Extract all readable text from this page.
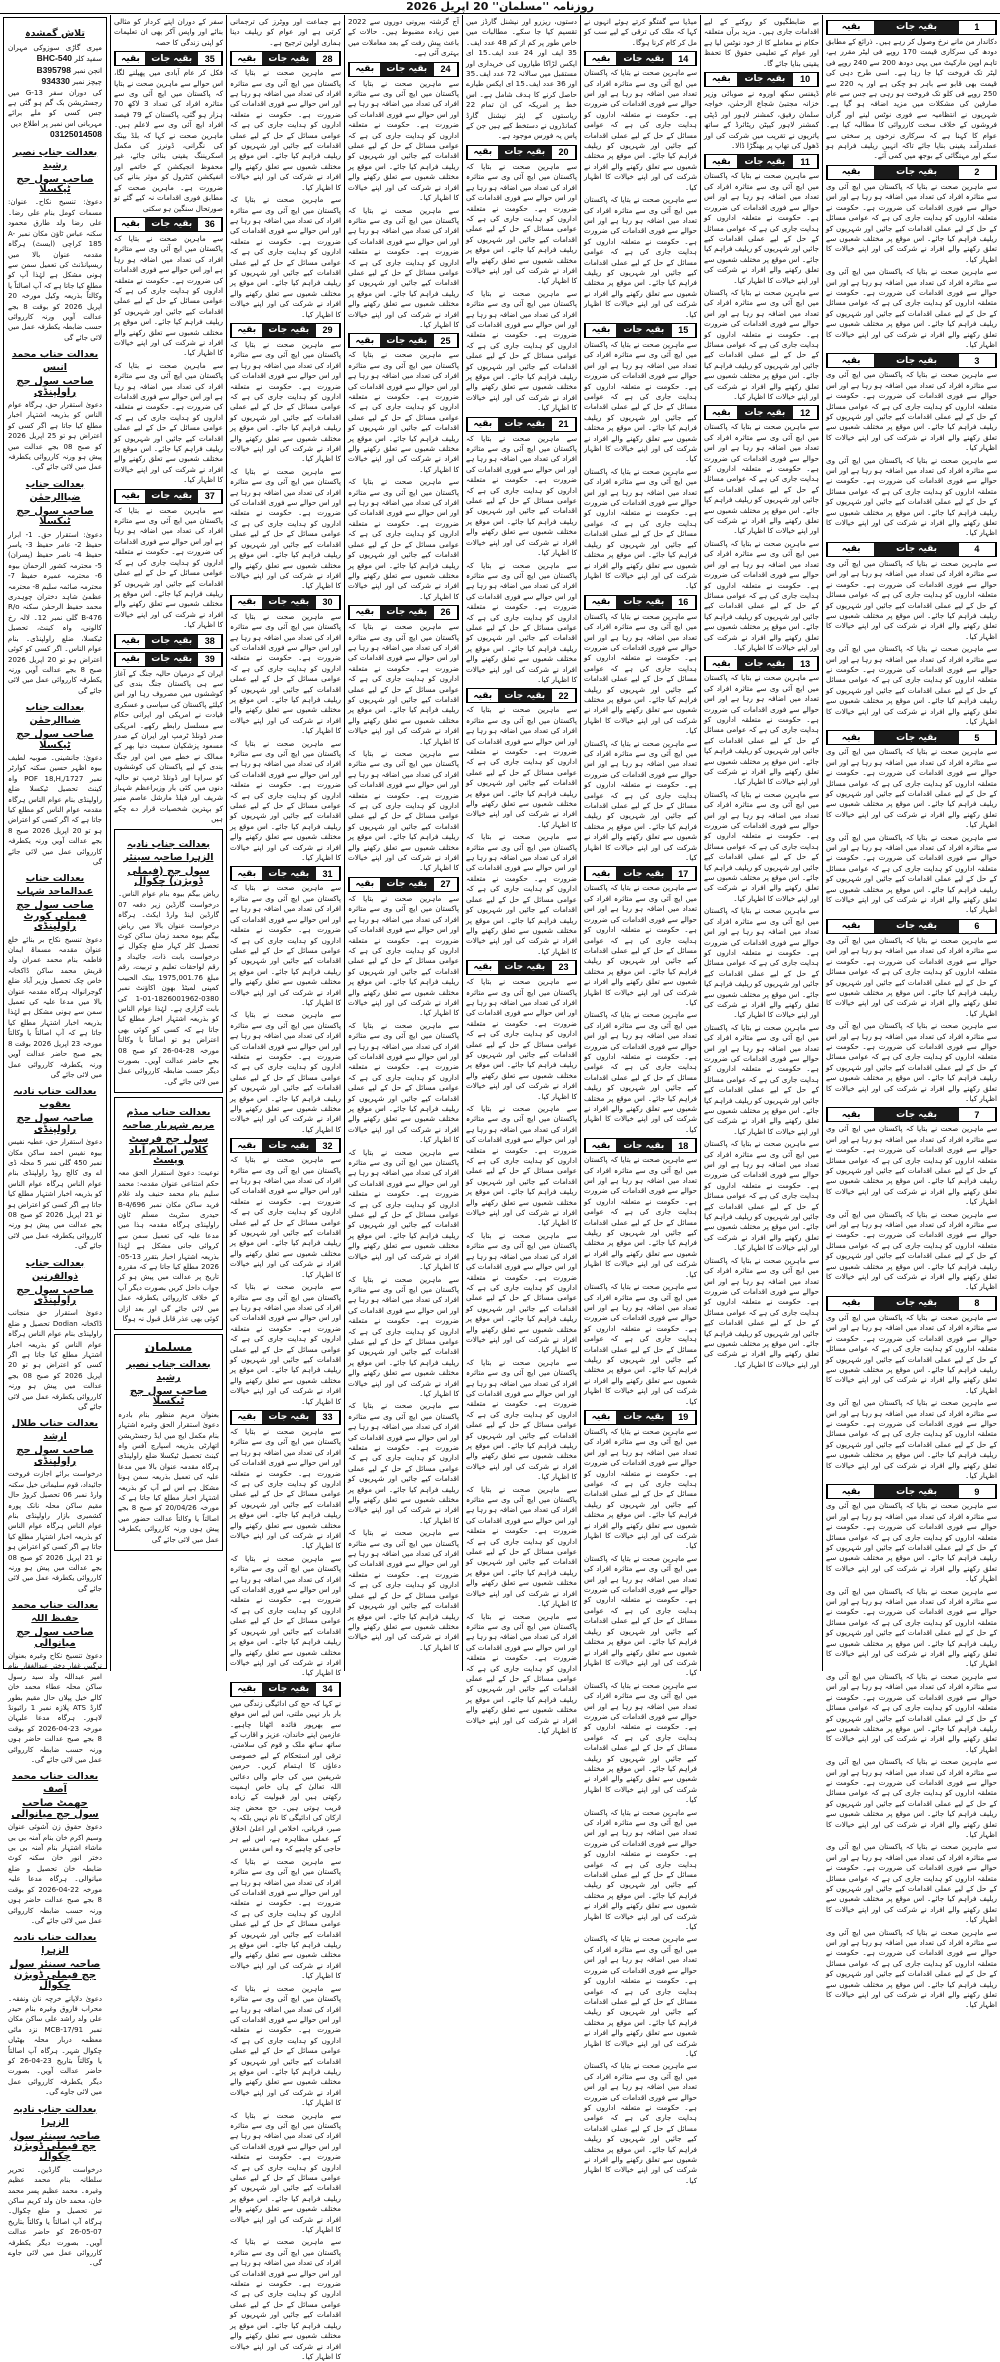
روزنامہ ''مسلمان'' 20 اپریل 2026
1
بقیہ جات
بقیہ
دکاندار من مانے نرخ وصول کر رہے ہیں۔ ذرائع کے مطابق دودھ کی سرکاری قیمت 170 روپے فی لیٹر مقرر ہے، تاہم اوپن مارکیٹ میں یہی دودھ 200 سے 240 روپے فی لیٹر تک فروخت کیا جا رہا ہے۔ اسی طرح دہی کی قیمت بھی قابو سے باہر ہو چکی ہے اور یہ 220 سے 250 روپے فی کلو تک فروخت ہو رہی ہے جس سے عام صارفین کی مشکلات میں مزید اضافہ ہو گیا ہے۔ شہریوں نے انتظامیہ سے فوری نوٹس لینے اور گراں فروشوں کے خلاف سخت کارروائی کا مطالبہ کیا ہے۔ عوام کا کہنا ہے کہ سرکاری نرخوں پر سختی سے عملدرآمد یقینی بنایا جائے تاکہ انہیں ریلیف فراہم ہو سکے اور مہنگائی کے بوجھ میں کمی آئے۔
2
بقیہ جات
بقیہ
سے ماہرین صحت نے بتایا کہ پاکستان میں ایچ آئی وی سے متاثرہ افراد کی تعداد میں اضافہ ہو رہا ہے اور اس حوالے سے فوری اقدامات کی ضرورت ہے۔ حکومت نے متعلقہ اداروں کو ہدایت جاری کی ہے کہ عوامی مسائل کے حل کے لیے عملی اقدامات کیے جائیں اور شہریوں کو ریلیف فراہم کیا جائے۔ اس موقع پر مختلف شعبوں سے تعلق رکھنے والے افراد نے شرکت کی اور اپنے خیالات کا اظہار کیا۔
سے ماہرین صحت نے بتایا کہ پاکستان میں ایچ آئی وی سے متاثرہ افراد کی تعداد میں اضافہ ہو رہا ہے اور اس حوالے سے فوری اقدامات کی ضرورت ہے۔ حکومت نے متعلقہ اداروں کو ہدایت جاری کی ہے کہ عوامی مسائل کے حل کے لیے عملی اقدامات کیے جائیں اور شہریوں کو ریلیف فراہم کیا جائے۔ اس موقع پر مختلف شعبوں سے تعلق رکھنے والے افراد نے شرکت کی اور اپنے خیالات کا اظہار کیا۔
3
بقیہ جات
بقیہ
سے ماہرین صحت نے بتایا کہ پاکستان میں ایچ آئی وی سے متاثرہ افراد کی تعداد میں اضافہ ہو رہا ہے اور اس حوالے سے فوری اقدامات کی ضرورت ہے۔ حکومت نے متعلقہ اداروں کو ہدایت جاری کی ہے کہ عوامی مسائل کے حل کے لیے عملی اقدامات کیے جائیں اور شہریوں کو ریلیف فراہم کیا جائے۔ اس موقع پر مختلف شعبوں سے تعلق رکھنے والے افراد نے شرکت کی اور اپنے خیالات کا اظہار کیا۔
سے ماہرین صحت نے بتایا کہ پاکستان میں ایچ آئی وی سے متاثرہ افراد کی تعداد میں اضافہ ہو رہا ہے اور اس حوالے سے فوری اقدامات کی ضرورت ہے۔ حکومت نے متعلقہ اداروں کو ہدایت جاری کی ہے کہ عوامی مسائل کے حل کے لیے عملی اقدامات کیے جائیں اور شہریوں کو ریلیف فراہم کیا جائے۔ اس موقع پر مختلف شعبوں سے تعلق رکھنے والے افراد نے شرکت کی اور اپنے خیالات کا اظہار کیا۔
4
بقیہ جات
بقیہ
سے ماہرین صحت نے بتایا کہ پاکستان میں ایچ آئی وی سے متاثرہ افراد کی تعداد میں اضافہ ہو رہا ہے اور اس حوالے سے فوری اقدامات کی ضرورت ہے۔ حکومت نے متعلقہ اداروں کو ہدایت جاری کی ہے کہ عوامی مسائل کے حل کے لیے عملی اقدامات کیے جائیں اور شہریوں کو ریلیف فراہم کیا جائے۔ اس موقع پر مختلف شعبوں سے تعلق رکھنے والے افراد نے شرکت کی اور اپنے خیالات کا اظہار کیا۔
سے ماہرین صحت نے بتایا کہ پاکستان میں ایچ آئی وی سے متاثرہ افراد کی تعداد میں اضافہ ہو رہا ہے اور اس حوالے سے فوری اقدامات کی ضرورت ہے۔ حکومت نے متعلقہ اداروں کو ہدایت جاری کی ہے کہ عوامی مسائل کے حل کے لیے عملی اقدامات کیے جائیں اور شہریوں کو ریلیف فراہم کیا جائے۔ اس موقع پر مختلف شعبوں سے تعلق رکھنے والے افراد نے شرکت کی اور اپنے خیالات کا اظہار کیا۔
5
بقیہ جات
بقیہ
سے ماہرین صحت نے بتایا کہ پاکستان میں ایچ آئی وی سے متاثرہ افراد کی تعداد میں اضافہ ہو رہا ہے اور اس حوالے سے فوری اقدامات کی ضرورت ہے۔ حکومت نے متعلقہ اداروں کو ہدایت جاری کی ہے کہ عوامی مسائل کے حل کے لیے عملی اقدامات کیے جائیں اور شہریوں کو ریلیف فراہم کیا جائے۔ اس موقع پر مختلف شعبوں سے تعلق رکھنے والے افراد نے شرکت کی اور اپنے خیالات کا اظہار کیا۔
سے ماہرین صحت نے بتایا کہ پاکستان میں ایچ آئی وی سے متاثرہ افراد کی تعداد میں اضافہ ہو رہا ہے اور اس حوالے سے فوری اقدامات کی ضرورت ہے۔ حکومت نے متعلقہ اداروں کو ہدایت جاری کی ہے کہ عوامی مسائل کے حل کے لیے عملی اقدامات کیے جائیں اور شہریوں کو ریلیف فراہم کیا جائے۔ اس موقع پر مختلف شعبوں سے تعلق رکھنے والے افراد نے شرکت کی اور اپنے خیالات کا اظہار کیا۔
6
بقیہ جات
بقیہ
سے ماہرین صحت نے بتایا کہ پاکستان میں ایچ آئی وی سے متاثرہ افراد کی تعداد میں اضافہ ہو رہا ہے اور اس حوالے سے فوری اقدامات کی ضرورت ہے۔ حکومت نے متعلقہ اداروں کو ہدایت جاری کی ہے کہ عوامی مسائل کے حل کے لیے عملی اقدامات کیے جائیں اور شہریوں کو ریلیف فراہم کیا جائے۔ اس موقع پر مختلف شعبوں سے تعلق رکھنے والے افراد نے شرکت کی اور اپنے خیالات کا اظہار کیا۔
سے ماہرین صحت نے بتایا کہ پاکستان میں ایچ آئی وی سے متاثرہ افراد کی تعداد میں اضافہ ہو رہا ہے اور اس حوالے سے فوری اقدامات کی ضرورت ہے۔ حکومت نے متعلقہ اداروں کو ہدایت جاری کی ہے کہ عوامی مسائل کے حل کے لیے عملی اقدامات کیے جائیں اور شہریوں کو ریلیف فراہم کیا جائے۔ اس موقع پر مختلف شعبوں سے تعلق رکھنے والے افراد نے شرکت کی اور اپنے خیالات کا اظہار کیا۔
7
بقیہ جات
بقیہ
سے ماہرین صحت نے بتایا کہ پاکستان میں ایچ آئی وی سے متاثرہ افراد کی تعداد میں اضافہ ہو رہا ہے اور اس حوالے سے فوری اقدامات کی ضرورت ہے۔ حکومت نے متعلقہ اداروں کو ہدایت جاری کی ہے کہ عوامی مسائل کے حل کے لیے عملی اقدامات کیے جائیں اور شہریوں کو ریلیف فراہم کیا جائے۔ اس موقع پر مختلف شعبوں سے تعلق رکھنے والے افراد نے شرکت کی اور اپنے خیالات کا اظہار کیا۔
سے ماہرین صحت نے بتایا کہ پاکستان میں ایچ آئی وی سے متاثرہ افراد کی تعداد میں اضافہ ہو رہا ہے اور اس حوالے سے فوری اقدامات کی ضرورت ہے۔ حکومت نے متعلقہ اداروں کو ہدایت جاری کی ہے کہ عوامی مسائل کے حل کے لیے عملی اقدامات کیے جائیں اور شہریوں کو ریلیف فراہم کیا جائے۔ اس موقع پر مختلف شعبوں سے تعلق رکھنے والے افراد نے شرکت کی اور اپنے خیالات کا اظہار کیا۔
8
بقیہ جات
بقیہ
سے ماہرین صحت نے بتایا کہ پاکستان میں ایچ آئی وی سے متاثرہ افراد کی تعداد میں اضافہ ہو رہا ہے اور اس حوالے سے فوری اقدامات کی ضرورت ہے۔ حکومت نے متعلقہ اداروں کو ہدایت جاری کی ہے کہ عوامی مسائل کے حل کے لیے عملی اقدامات کیے جائیں اور شہریوں کو ریلیف فراہم کیا جائے۔ اس موقع پر مختلف شعبوں سے تعلق رکھنے والے افراد نے شرکت کی اور اپنے خیالات کا اظہار کیا۔
سے ماہرین صحت نے بتایا کہ پاکستان میں ایچ آئی وی سے متاثرہ افراد کی تعداد میں اضافہ ہو رہا ہے اور اس حوالے سے فوری اقدامات کی ضرورت ہے۔ حکومت نے متعلقہ اداروں کو ہدایت جاری کی ہے کہ عوامی مسائل کے حل کے لیے عملی اقدامات کیے جائیں اور شہریوں کو ریلیف فراہم کیا جائے۔ اس موقع پر مختلف شعبوں سے تعلق رکھنے والے افراد نے شرکت کی اور اپنے خیالات کا اظہار کیا۔
9
بقیہ جات
بقیہ
سے ماہرین صحت نے بتایا کہ پاکستان میں ایچ آئی وی سے متاثرہ افراد کی تعداد میں اضافہ ہو رہا ہے اور اس حوالے سے فوری اقدامات کی ضرورت ہے۔ حکومت نے متعلقہ اداروں کو ہدایت جاری کی ہے کہ عوامی مسائل کے حل کے لیے عملی اقدامات کیے جائیں اور شہریوں کو ریلیف فراہم کیا جائے۔ اس موقع پر مختلف شعبوں سے تعلق رکھنے والے افراد نے شرکت کی اور اپنے خیالات کا اظہار کیا۔
سے ماہرین صحت نے بتایا کہ پاکستان میں ایچ آئی وی سے متاثرہ افراد کی تعداد میں اضافہ ہو رہا ہے اور اس حوالے سے فوری اقدامات کی ضرورت ہے۔ حکومت نے متعلقہ اداروں کو ہدایت جاری کی ہے کہ عوامی مسائل کے حل کے لیے عملی اقدامات کیے جائیں اور شہریوں کو ریلیف فراہم کیا جائے۔ اس موقع پر مختلف شعبوں سے تعلق رکھنے والے افراد نے شرکت کی اور اپنے خیالات کا اظہار کیا۔
سے ماہرین صحت نے بتایا کہ پاکستان میں ایچ آئی وی سے متاثرہ افراد کی تعداد میں اضافہ ہو رہا ہے اور اس حوالے سے فوری اقدامات کی ضرورت ہے۔ حکومت نے متعلقہ اداروں کو ہدایت جاری کی ہے کہ عوامی مسائل کے حل کے لیے عملی اقدامات کیے جائیں اور شہریوں کو ریلیف فراہم کیا جائے۔ اس موقع پر مختلف شعبوں سے تعلق رکھنے والے افراد نے شرکت کی اور اپنے خیالات کا اظہار کیا۔
سے ماہرین صحت نے بتایا کہ پاکستان میں ایچ آئی وی سے متاثرہ افراد کی تعداد میں اضافہ ہو رہا ہے اور اس حوالے سے فوری اقدامات کی ضرورت ہے۔ حکومت نے متعلقہ اداروں کو ہدایت جاری کی ہے کہ عوامی مسائل کے حل کے لیے عملی اقدامات کیے جائیں اور شہریوں کو ریلیف فراہم کیا جائے۔ اس موقع پر مختلف شعبوں سے تعلق رکھنے والے افراد نے شرکت کی اور اپنے خیالات کا اظہار کیا۔
سے ماہرین صحت نے بتایا کہ پاکستان میں ایچ آئی وی سے متاثرہ افراد کی تعداد میں اضافہ ہو رہا ہے اور اس حوالے سے فوری اقدامات کی ضرورت ہے۔ حکومت نے متعلقہ اداروں کو ہدایت جاری کی ہے کہ عوامی مسائل کے حل کے لیے عملی اقدامات کیے جائیں اور شہریوں کو ریلیف فراہم کیا جائے۔ اس موقع پر مختلف شعبوں سے تعلق رکھنے والے افراد نے شرکت کی اور اپنے خیالات کا اظہار کیا۔
سے ماہرین صحت نے بتایا کہ پاکستان میں ایچ آئی وی سے متاثرہ افراد کی تعداد میں اضافہ ہو رہا ہے اور اس حوالے سے فوری اقدامات کی ضرورت ہے۔ حکومت نے متعلقہ اداروں کو ہدایت جاری کی ہے کہ عوامی مسائل کے حل کے لیے عملی اقدامات کیے جائیں اور شہریوں کو ریلیف فراہم کیا جائے۔ اس موقع پر مختلف شعبوں سے تعلق رکھنے والے افراد نے شرکت کی اور اپنے خیالات کا اظہار کیا۔
بے ضابطگیوں کو روکنے کے لیے اقدامات جاری ہیں۔ مزید برآں متعلقہ حکام نے معاملے کا از خود نوٹس لیا ہے اور عوام کے تعلیمی حقوق کا تحفظ یقینی بنایا جائے گا۔
10
بقیہ جات
بقیہ
ڈیفنس سکھ اوروہ نے صوبائی وزیر خزانہ مجتبیٰ شجاع الرحمٰن، خواجہ سلمان رفیق، کمشنر لاہور اور ڈپٹی کمشنر لاہور کیپٹن ریٹائرڈ کے ساتھ یاتریوں نے تقریب میں شرکت کی اور ڈھول کی تھاپ پر بھنگڑا ڈالا۔
11
بقیہ جات
بقیہ
سے ماہرین صحت نے بتایا کہ پاکستان میں ایچ آئی وی سے متاثرہ افراد کی تعداد میں اضافہ ہو رہا ہے اور اس حوالے سے فوری اقدامات کی ضرورت ہے۔ حکومت نے متعلقہ اداروں کو ہدایت جاری کی ہے کہ عوامی مسائل کے حل کے لیے عملی اقدامات کیے جائیں اور شہریوں کو ریلیف فراہم کیا جائے۔ اس موقع پر مختلف شعبوں سے تعلق رکھنے والے افراد نے شرکت کی اور اپنے خیالات کا اظہار کیا۔
سے ماہرین صحت نے بتایا کہ پاکستان میں ایچ آئی وی سے متاثرہ افراد کی تعداد میں اضافہ ہو رہا ہے اور اس حوالے سے فوری اقدامات کی ضرورت ہے۔ حکومت نے متعلقہ اداروں کو ہدایت جاری کی ہے کہ عوامی مسائل کے حل کے لیے عملی اقدامات کیے جائیں اور شہریوں کو ریلیف فراہم کیا جائے۔ اس موقع پر مختلف شعبوں سے تعلق رکھنے والے افراد نے شرکت کی اور اپنے خیالات کا اظہار کیا۔
12
بقیہ جات
بقیہ
سے ماہرین صحت نے بتایا کہ پاکستان میں ایچ آئی وی سے متاثرہ افراد کی تعداد میں اضافہ ہو رہا ہے اور اس حوالے سے فوری اقدامات کی ضرورت ہے۔ حکومت نے متعلقہ اداروں کو ہدایت جاری کی ہے کہ عوامی مسائل کے حل کے لیے عملی اقدامات کیے جائیں اور شہریوں کو ریلیف فراہم کیا جائے۔ اس موقع پر مختلف شعبوں سے تعلق رکھنے والے افراد نے شرکت کی اور اپنے خیالات کا اظہار کیا۔
سے ماہرین صحت نے بتایا کہ پاکستان میں ایچ آئی وی سے متاثرہ افراد کی تعداد میں اضافہ ہو رہا ہے اور اس حوالے سے فوری اقدامات کی ضرورت ہے۔ حکومت نے متعلقہ اداروں کو ہدایت جاری کی ہے کہ عوامی مسائل کے حل کے لیے عملی اقدامات کیے جائیں اور شہریوں کو ریلیف فراہم کیا جائے۔ اس موقع پر مختلف شعبوں سے تعلق رکھنے والے افراد نے شرکت کی اور اپنے خیالات کا اظہار کیا۔
13
بقیہ جات
بقیہ
سے ماہرین صحت نے بتایا کہ پاکستان میں ایچ آئی وی سے متاثرہ افراد کی تعداد میں اضافہ ہو رہا ہے اور اس حوالے سے فوری اقدامات کی ضرورت ہے۔ حکومت نے متعلقہ اداروں کو ہدایت جاری کی ہے کہ عوامی مسائل کے حل کے لیے عملی اقدامات کیے جائیں اور شہریوں کو ریلیف فراہم کیا جائے۔ اس موقع پر مختلف شعبوں سے تعلق رکھنے والے افراد نے شرکت کی اور اپنے خیالات کا اظہار کیا۔
سے ماہرین صحت نے بتایا کہ پاکستان میں ایچ آئی وی سے متاثرہ افراد کی تعداد میں اضافہ ہو رہا ہے اور اس حوالے سے فوری اقدامات کی ضرورت ہے۔ حکومت نے متعلقہ اداروں کو ہدایت جاری کی ہے کہ عوامی مسائل کے حل کے لیے عملی اقدامات کیے جائیں اور شہریوں کو ریلیف فراہم کیا جائے۔ اس موقع پر مختلف شعبوں سے تعلق رکھنے والے افراد نے شرکت کی اور اپنے خیالات کا اظہار کیا۔
سے ماہرین صحت نے بتایا کہ پاکستان میں ایچ آئی وی سے متاثرہ افراد کی تعداد میں اضافہ ہو رہا ہے اور اس حوالے سے فوری اقدامات کی ضرورت ہے۔ حکومت نے متعلقہ اداروں کو ہدایت جاری کی ہے کہ عوامی مسائل کے حل کے لیے عملی اقدامات کیے جائیں اور شہریوں کو ریلیف فراہم کیا جائے۔ اس موقع پر مختلف شعبوں سے تعلق رکھنے والے افراد نے شرکت کی اور اپنے خیالات کا اظہار کیا۔
سے ماہرین صحت نے بتایا کہ پاکستان میں ایچ آئی وی سے متاثرہ افراد کی تعداد میں اضافہ ہو رہا ہے اور اس حوالے سے فوری اقدامات کی ضرورت ہے۔ حکومت نے متعلقہ اداروں کو ہدایت جاری کی ہے کہ عوامی مسائل کے حل کے لیے عملی اقدامات کیے جائیں اور شہریوں کو ریلیف فراہم کیا جائے۔ اس موقع پر مختلف شعبوں سے تعلق رکھنے والے افراد نے شرکت کی اور اپنے خیالات کا اظہار کیا۔
سے ماہرین صحت نے بتایا کہ پاکستان میں ایچ آئی وی سے متاثرہ افراد کی تعداد میں اضافہ ہو رہا ہے اور اس حوالے سے فوری اقدامات کی ضرورت ہے۔ حکومت نے متعلقہ اداروں کو ہدایت جاری کی ہے کہ عوامی مسائل کے حل کے لیے عملی اقدامات کیے جائیں اور شہریوں کو ریلیف فراہم کیا جائے۔ اس موقع پر مختلف شعبوں سے تعلق رکھنے والے افراد نے شرکت کی اور اپنے خیالات کا اظہار کیا۔
سے ماہرین صحت نے بتایا کہ پاکستان میں ایچ آئی وی سے متاثرہ افراد کی تعداد میں اضافہ ہو رہا ہے اور اس حوالے سے فوری اقدامات کی ضرورت ہے۔ حکومت نے متعلقہ اداروں کو ہدایت جاری کی ہے کہ عوامی مسائل کے حل کے لیے عملی اقدامات کیے جائیں اور شہریوں کو ریلیف فراہم کیا جائے۔ اس موقع پر مختلف شعبوں سے تعلق رکھنے والے افراد نے شرکت کی اور اپنے خیالات کا اظہار کیا۔
میڈیا سے گفتگو کرتے ہوئے انہوں نے کہا کہ ملک کی ترقی کے لیے سب کو مل کر کام کرنا ہوگا۔
14
بقیہ جات
بقیہ
سے ماہرین صحت نے بتایا کہ پاکستان میں ایچ آئی وی سے متاثرہ افراد کی تعداد میں اضافہ ہو رہا ہے اور اس حوالے سے فوری اقدامات کی ضرورت ہے۔ حکومت نے متعلقہ اداروں کو ہدایت جاری کی ہے کہ عوامی مسائل کے حل کے لیے عملی اقدامات کیے جائیں اور شہریوں کو ریلیف فراہم کیا جائے۔ اس موقع پر مختلف شعبوں سے تعلق رکھنے والے افراد نے شرکت کی اور اپنے خیالات کا اظہار کیا۔
سے ماہرین صحت نے بتایا کہ پاکستان میں ایچ آئی وی سے متاثرہ افراد کی تعداد میں اضافہ ہو رہا ہے اور اس حوالے سے فوری اقدامات کی ضرورت ہے۔ حکومت نے متعلقہ اداروں کو ہدایت جاری کی ہے کہ عوامی مسائل کے حل کے لیے عملی اقدامات کیے جائیں اور شہریوں کو ریلیف فراہم کیا جائے۔ اس موقع پر مختلف شعبوں سے تعلق رکھنے والے افراد نے شرکت کی اور اپنے خیالات کا اظہار کیا۔
15
بقیہ جات
بقیہ
سے ماہرین صحت نے بتایا کہ پاکستان میں ایچ آئی وی سے متاثرہ افراد کی تعداد میں اضافہ ہو رہا ہے اور اس حوالے سے فوری اقدامات کی ضرورت ہے۔ حکومت نے متعلقہ اداروں کو ہدایت جاری کی ہے کہ عوامی مسائل کے حل کے لیے عملی اقدامات کیے جائیں اور شہریوں کو ریلیف فراہم کیا جائے۔ اس موقع پر مختلف شعبوں سے تعلق رکھنے والے افراد نے شرکت کی اور اپنے خیالات کا اظہار کیا۔
سے ماہرین صحت نے بتایا کہ پاکستان میں ایچ آئی وی سے متاثرہ افراد کی تعداد میں اضافہ ہو رہا ہے اور اس حوالے سے فوری اقدامات کی ضرورت ہے۔ حکومت نے متعلقہ اداروں کو ہدایت جاری کی ہے کہ عوامی مسائل کے حل کے لیے عملی اقدامات کیے جائیں اور شہریوں کو ریلیف فراہم کیا جائے۔ اس موقع پر مختلف شعبوں سے تعلق رکھنے والے افراد نے شرکت کی اور اپنے خیالات کا اظہار کیا۔
16
بقیہ جات
بقیہ
سے ماہرین صحت نے بتایا کہ پاکستان میں ایچ آئی وی سے متاثرہ افراد کی تعداد میں اضافہ ہو رہا ہے اور اس حوالے سے فوری اقدامات کی ضرورت ہے۔ حکومت نے متعلقہ اداروں کو ہدایت جاری کی ہے کہ عوامی مسائل کے حل کے لیے عملی اقدامات کیے جائیں اور شہریوں کو ریلیف فراہم کیا جائے۔ اس موقع پر مختلف شعبوں سے تعلق رکھنے والے افراد نے شرکت کی اور اپنے خیالات کا اظہار کیا۔
سے ماہرین صحت نے بتایا کہ پاکستان میں ایچ آئی وی سے متاثرہ افراد کی تعداد میں اضافہ ہو رہا ہے اور اس حوالے سے فوری اقدامات کی ضرورت ہے۔ حکومت نے متعلقہ اداروں کو ہدایت جاری کی ہے کہ عوامی مسائل کے حل کے لیے عملی اقدامات کیے جائیں اور شہریوں کو ریلیف فراہم کیا جائے۔ اس موقع پر مختلف شعبوں سے تعلق رکھنے والے افراد نے شرکت کی اور اپنے خیالات کا اظہار کیا۔
17
بقیہ جات
بقیہ
سے ماہرین صحت نے بتایا کہ پاکستان میں ایچ آئی وی سے متاثرہ افراد کی تعداد میں اضافہ ہو رہا ہے اور اس حوالے سے فوری اقدامات کی ضرورت ہے۔ حکومت نے متعلقہ اداروں کو ہدایت جاری کی ہے کہ عوامی مسائل کے حل کے لیے عملی اقدامات کیے جائیں اور شہریوں کو ریلیف فراہم کیا جائے۔ اس موقع پر مختلف شعبوں سے تعلق رکھنے والے افراد نے شرکت کی اور اپنے خیالات کا اظہار کیا۔
سے ماہرین صحت نے بتایا کہ پاکستان میں ایچ آئی وی سے متاثرہ افراد کی تعداد میں اضافہ ہو رہا ہے اور اس حوالے سے فوری اقدامات کی ضرورت ہے۔ حکومت نے متعلقہ اداروں کو ہدایت جاری کی ہے کہ عوامی مسائل کے حل کے لیے عملی اقدامات کیے جائیں اور شہریوں کو ریلیف فراہم کیا جائے۔ اس موقع پر مختلف شعبوں سے تعلق رکھنے والے افراد نے شرکت کی اور اپنے خیالات کا اظہار کیا۔
18
بقیہ جات
بقیہ
سے ماہرین صحت نے بتایا کہ پاکستان میں ایچ آئی وی سے متاثرہ افراد کی تعداد میں اضافہ ہو رہا ہے اور اس حوالے سے فوری اقدامات کی ضرورت ہے۔ حکومت نے متعلقہ اداروں کو ہدایت جاری کی ہے کہ عوامی مسائل کے حل کے لیے عملی اقدامات کیے جائیں اور شہریوں کو ریلیف فراہم کیا جائے۔ اس موقع پر مختلف شعبوں سے تعلق رکھنے والے افراد نے شرکت کی اور اپنے خیالات کا اظہار کیا۔
سے ماہرین صحت نے بتایا کہ پاکستان میں ایچ آئی وی سے متاثرہ افراد کی تعداد میں اضافہ ہو رہا ہے اور اس حوالے سے فوری اقدامات کی ضرورت ہے۔ حکومت نے متعلقہ اداروں کو ہدایت جاری کی ہے کہ عوامی مسائل کے حل کے لیے عملی اقدامات کیے جائیں اور شہریوں کو ریلیف فراہم کیا جائے۔ اس موقع پر مختلف شعبوں سے تعلق رکھنے والے افراد نے شرکت کی اور اپنے خیالات کا اظہار کیا۔
19
بقیہ جات
بقیہ
سے ماہرین صحت نے بتایا کہ پاکستان میں ایچ آئی وی سے متاثرہ افراد کی تعداد میں اضافہ ہو رہا ہے اور اس حوالے سے فوری اقدامات کی ضرورت ہے۔ حکومت نے متعلقہ اداروں کو ہدایت جاری کی ہے کہ عوامی مسائل کے حل کے لیے عملی اقدامات کیے جائیں اور شہریوں کو ریلیف فراہم کیا جائے۔ اس موقع پر مختلف شعبوں سے تعلق رکھنے والے افراد نے شرکت کی اور اپنے خیالات کا اظہار کیا۔
سے ماہرین صحت نے بتایا کہ پاکستان میں ایچ آئی وی سے متاثرہ افراد کی تعداد میں اضافہ ہو رہا ہے اور اس حوالے سے فوری اقدامات کی ضرورت ہے۔ حکومت نے متعلقہ اداروں کو ہدایت جاری کی ہے کہ عوامی مسائل کے حل کے لیے عملی اقدامات کیے جائیں اور شہریوں کو ریلیف فراہم کیا جائے۔ اس موقع پر مختلف شعبوں سے تعلق رکھنے والے افراد نے شرکت کی اور اپنے خیالات کا اظہار کیا۔
سے ماہرین صحت نے بتایا کہ پاکستان میں ایچ آئی وی سے متاثرہ افراد کی تعداد میں اضافہ ہو رہا ہے اور اس حوالے سے فوری اقدامات کی ضرورت ہے۔ حکومت نے متعلقہ اداروں کو ہدایت جاری کی ہے کہ عوامی مسائل کے حل کے لیے عملی اقدامات کیے جائیں اور شہریوں کو ریلیف فراہم کیا جائے۔ اس موقع پر مختلف شعبوں سے تعلق رکھنے والے افراد نے شرکت کی اور اپنے خیالات کا اظہار کیا۔
سے ماہرین صحت نے بتایا کہ پاکستان میں ایچ آئی وی سے متاثرہ افراد کی تعداد میں اضافہ ہو رہا ہے اور اس حوالے سے فوری اقدامات کی ضرورت ہے۔ حکومت نے متعلقہ اداروں کو ہدایت جاری کی ہے کہ عوامی مسائل کے حل کے لیے عملی اقدامات کیے جائیں اور شہریوں کو ریلیف فراہم کیا جائے۔ اس موقع پر مختلف شعبوں سے تعلق رکھنے والے افراد نے شرکت کی اور اپنے خیالات کا اظہار کیا۔
سے ماہرین صحت نے بتایا کہ پاکستان میں ایچ آئی وی سے متاثرہ افراد کی تعداد میں اضافہ ہو رہا ہے اور اس حوالے سے فوری اقدامات کی ضرورت ہے۔ حکومت نے متعلقہ اداروں کو ہدایت جاری کی ہے کہ عوامی مسائل کے حل کے لیے عملی اقدامات کیے جائیں اور شہریوں کو ریلیف فراہم کیا جائے۔ اس موقع پر مختلف شعبوں سے تعلق رکھنے والے افراد نے شرکت کی اور اپنے خیالات کا اظہار کیا۔
سے ماہرین صحت نے بتایا کہ پاکستان میں ایچ آئی وی سے متاثرہ افراد کی تعداد میں اضافہ ہو رہا ہے اور اس حوالے سے فوری اقدامات کی ضرورت ہے۔ حکومت نے متعلقہ اداروں کو ہدایت جاری کی ہے کہ عوامی مسائل کے حل کے لیے عملی اقدامات کیے جائیں اور شہریوں کو ریلیف فراہم کیا جائے۔ اس موقع پر مختلف شعبوں سے تعلق رکھنے والے افراد نے شرکت کی اور اپنے خیالات کا اظہار کیا۔
دستوں، ریزرو اور نیشنل گارڈز میں تقسیم کیا جا سکے۔ مطالبات میں خاص طور پر کم از کم 48 عدد ایف۔35 ایف اور 24 عدد ایف۔15 ای ایکس لڑاکا طیاروں کی خریداری اور مستقبل میں سالانہ 72 عدد ایف۔35 اور 36 عدد ایف۔15 ای ایکس طیارے حاصل کرنے کا ہدف شامل ہے۔ اس خط پر امریکہ کی ان تمام 22 ریاستوں کے ایئر نیشنل گارڈ کمانڈروں نے دستخط کیے ہیں جن کے پاس یہ فورس موجود ہے۔
20
بقیہ جات
بقیہ
سے ماہرین صحت نے بتایا کہ پاکستان میں ایچ آئی وی سے متاثرہ افراد کی تعداد میں اضافہ ہو رہا ہے اور اس حوالے سے فوری اقدامات کی ضرورت ہے۔ حکومت نے متعلقہ اداروں کو ہدایت جاری کی ہے کہ عوامی مسائل کے حل کے لیے عملی اقدامات کیے جائیں اور شہریوں کو ریلیف فراہم کیا جائے۔ اس موقع پر مختلف شعبوں سے تعلق رکھنے والے افراد نے شرکت کی اور اپنے خیالات کا اظہار کیا۔
سے ماہرین صحت نے بتایا کہ پاکستان میں ایچ آئی وی سے متاثرہ افراد کی تعداد میں اضافہ ہو رہا ہے اور اس حوالے سے فوری اقدامات کی ضرورت ہے۔ حکومت نے متعلقہ اداروں کو ہدایت جاری کی ہے کہ عوامی مسائل کے حل کے لیے عملی اقدامات کیے جائیں اور شہریوں کو ریلیف فراہم کیا جائے۔ اس موقع پر مختلف شعبوں سے تعلق رکھنے والے افراد نے شرکت کی اور اپنے خیالات کا اظہار کیا۔
21
بقیہ جات
بقیہ
سے ماہرین صحت نے بتایا کہ پاکستان میں ایچ آئی وی سے متاثرہ افراد کی تعداد میں اضافہ ہو رہا ہے اور اس حوالے سے فوری اقدامات کی ضرورت ہے۔ حکومت نے متعلقہ اداروں کو ہدایت جاری کی ہے کہ عوامی مسائل کے حل کے لیے عملی اقدامات کیے جائیں اور شہریوں کو ریلیف فراہم کیا جائے۔ اس موقع پر مختلف شعبوں سے تعلق رکھنے والے افراد نے شرکت کی اور اپنے خیالات کا اظہار کیا۔
سے ماہرین صحت نے بتایا کہ پاکستان میں ایچ آئی وی سے متاثرہ افراد کی تعداد میں اضافہ ہو رہا ہے اور اس حوالے سے فوری اقدامات کی ضرورت ہے۔ حکومت نے متعلقہ اداروں کو ہدایت جاری کی ہے کہ عوامی مسائل کے حل کے لیے عملی اقدامات کیے جائیں اور شہریوں کو ریلیف فراہم کیا جائے۔ اس موقع پر مختلف شعبوں سے تعلق رکھنے والے افراد نے شرکت کی اور اپنے خیالات کا اظہار کیا۔
22
بقیہ جات
بقیہ
سے ماہرین صحت نے بتایا کہ پاکستان میں ایچ آئی وی سے متاثرہ افراد کی تعداد میں اضافہ ہو رہا ہے اور اس حوالے سے فوری اقدامات کی ضرورت ہے۔ حکومت نے متعلقہ اداروں کو ہدایت جاری کی ہے کہ عوامی مسائل کے حل کے لیے عملی اقدامات کیے جائیں اور شہریوں کو ریلیف فراہم کیا جائے۔ اس موقع پر مختلف شعبوں سے تعلق رکھنے والے افراد نے شرکت کی اور اپنے خیالات کا اظہار کیا۔
سے ماہرین صحت نے بتایا کہ پاکستان میں ایچ آئی وی سے متاثرہ افراد کی تعداد میں اضافہ ہو رہا ہے اور اس حوالے سے فوری اقدامات کی ضرورت ہے۔ حکومت نے متعلقہ اداروں کو ہدایت جاری کی ہے کہ عوامی مسائل کے حل کے لیے عملی اقدامات کیے جائیں اور شہریوں کو ریلیف فراہم کیا جائے۔ اس موقع پر مختلف شعبوں سے تعلق رکھنے والے افراد نے شرکت کی اور اپنے خیالات کا اظہار کیا۔
23
بقیہ جات
بقیہ
سے ماہرین صحت نے بتایا کہ پاکستان میں ایچ آئی وی سے متاثرہ افراد کی تعداد میں اضافہ ہو رہا ہے اور اس حوالے سے فوری اقدامات کی ضرورت ہے۔ حکومت نے متعلقہ اداروں کو ہدایت جاری کی ہے کہ عوامی مسائل کے حل کے لیے عملی اقدامات کیے جائیں اور شہریوں کو ریلیف فراہم کیا جائے۔ اس موقع پر مختلف شعبوں سے تعلق رکھنے والے افراد نے شرکت کی اور اپنے خیالات کا اظہار کیا۔
سے ماہرین صحت نے بتایا کہ پاکستان میں ایچ آئی وی سے متاثرہ افراد کی تعداد میں اضافہ ہو رہا ہے اور اس حوالے سے فوری اقدامات کی ضرورت ہے۔ حکومت نے متعلقہ اداروں کو ہدایت جاری کی ہے کہ عوامی مسائل کے حل کے لیے عملی اقدامات کیے جائیں اور شہریوں کو ریلیف فراہم کیا جائے۔ اس موقع پر مختلف شعبوں سے تعلق رکھنے والے افراد نے شرکت کی اور اپنے خیالات کا اظہار کیا۔
سے ماہرین صحت نے بتایا کہ پاکستان میں ایچ آئی وی سے متاثرہ افراد کی تعداد میں اضافہ ہو رہا ہے اور اس حوالے سے فوری اقدامات کی ضرورت ہے۔ حکومت نے متعلقہ اداروں کو ہدایت جاری کی ہے کہ عوامی مسائل کے حل کے لیے عملی اقدامات کیے جائیں اور شہریوں کو ریلیف فراہم کیا جائے۔ اس موقع پر مختلف شعبوں سے تعلق رکھنے والے افراد نے شرکت کی اور اپنے خیالات کا اظہار کیا۔
سے ماہرین صحت نے بتایا کہ پاکستان میں ایچ آئی وی سے متاثرہ افراد کی تعداد میں اضافہ ہو رہا ہے اور اس حوالے سے فوری اقدامات کی ضرورت ہے۔ حکومت نے متعلقہ اداروں کو ہدایت جاری کی ہے کہ عوامی مسائل کے حل کے لیے عملی اقدامات کیے جائیں اور شہریوں کو ریلیف فراہم کیا جائے۔ اس موقع پر مختلف شعبوں سے تعلق رکھنے والے افراد نے شرکت کی اور اپنے خیالات کا اظہار کیا۔
سے ماہرین صحت نے بتایا کہ پاکستان میں ایچ آئی وی سے متاثرہ افراد کی تعداد میں اضافہ ہو رہا ہے اور اس حوالے سے فوری اقدامات کی ضرورت ہے۔ حکومت نے متعلقہ اداروں کو ہدایت جاری کی ہے کہ عوامی مسائل کے حل کے لیے عملی اقدامات کیے جائیں اور شہریوں کو ریلیف فراہم کیا جائے۔ اس موقع پر مختلف شعبوں سے تعلق رکھنے والے افراد نے شرکت کی اور اپنے خیالات کا اظہار کیا۔
سے ماہرین صحت نے بتایا کہ پاکستان میں ایچ آئی وی سے متاثرہ افراد کی تعداد میں اضافہ ہو رہا ہے اور اس حوالے سے فوری اقدامات کی ضرورت ہے۔ حکومت نے متعلقہ اداروں کو ہدایت جاری کی ہے کہ عوامی مسائل کے حل کے لیے عملی اقدامات کیے جائیں اور شہریوں کو ریلیف فراہم کیا جائے۔ اس موقع پر مختلف شعبوں سے تعلق رکھنے والے افراد نے شرکت کی اور اپنے خیالات کا اظہار کیا۔
آج گزشتہ بیرونی دوروں سے 2022 میں زیادہ مضبوط ہیں۔ حالات کے باعث پیش رفت کے بعد معاملات میں بہتری آئی ہے۔
24
بقیہ جات
بقیہ
سے ماہرین صحت نے بتایا کہ پاکستان میں ایچ آئی وی سے متاثرہ افراد کی تعداد میں اضافہ ہو رہا ہے اور اس حوالے سے فوری اقدامات کی ضرورت ہے۔ حکومت نے متعلقہ اداروں کو ہدایت جاری کی ہے کہ عوامی مسائل کے حل کے لیے عملی اقدامات کیے جائیں اور شہریوں کو ریلیف فراہم کیا جائے۔ اس موقع پر مختلف شعبوں سے تعلق رکھنے والے افراد نے شرکت کی اور اپنے خیالات کا اظہار کیا۔
سے ماہرین صحت نے بتایا کہ پاکستان میں ایچ آئی وی سے متاثرہ افراد کی تعداد میں اضافہ ہو رہا ہے اور اس حوالے سے فوری اقدامات کی ضرورت ہے۔ حکومت نے متعلقہ اداروں کو ہدایت جاری کی ہے کہ عوامی مسائل کے حل کے لیے عملی اقدامات کیے جائیں اور شہریوں کو ریلیف فراہم کیا جائے۔ اس موقع پر مختلف شعبوں سے تعلق رکھنے والے افراد نے شرکت کی اور اپنے خیالات کا اظہار کیا۔
25
بقیہ جات
بقیہ
سے ماہرین صحت نے بتایا کہ پاکستان میں ایچ آئی وی سے متاثرہ افراد کی تعداد میں اضافہ ہو رہا ہے اور اس حوالے سے فوری اقدامات کی ضرورت ہے۔ حکومت نے متعلقہ اداروں کو ہدایت جاری کی ہے کہ عوامی مسائل کے حل کے لیے عملی اقدامات کیے جائیں اور شہریوں کو ریلیف فراہم کیا جائے۔ اس موقع پر مختلف شعبوں سے تعلق رکھنے والے افراد نے شرکت کی اور اپنے خیالات کا اظہار کیا۔
سے ماہرین صحت نے بتایا کہ پاکستان میں ایچ آئی وی سے متاثرہ افراد کی تعداد میں اضافہ ہو رہا ہے اور اس حوالے سے فوری اقدامات کی ضرورت ہے۔ حکومت نے متعلقہ اداروں کو ہدایت جاری کی ہے کہ عوامی مسائل کے حل کے لیے عملی اقدامات کیے جائیں اور شہریوں کو ریلیف فراہم کیا جائے۔ اس موقع پر مختلف شعبوں سے تعلق رکھنے والے افراد نے شرکت کی اور اپنے خیالات کا اظہار کیا۔
26
بقیہ جات
بقیہ
سے ماہرین صحت نے بتایا کہ پاکستان میں ایچ آئی وی سے متاثرہ افراد کی تعداد میں اضافہ ہو رہا ہے اور اس حوالے سے فوری اقدامات کی ضرورت ہے۔ حکومت نے متعلقہ اداروں کو ہدایت جاری کی ہے کہ عوامی مسائل کے حل کے لیے عملی اقدامات کیے جائیں اور شہریوں کو ریلیف فراہم کیا جائے۔ اس موقع پر مختلف شعبوں سے تعلق رکھنے والے افراد نے شرکت کی اور اپنے خیالات کا اظہار کیا۔
سے ماہرین صحت نے بتایا کہ پاکستان میں ایچ آئی وی سے متاثرہ افراد کی تعداد میں اضافہ ہو رہا ہے اور اس حوالے سے فوری اقدامات کی ضرورت ہے۔ حکومت نے متعلقہ اداروں کو ہدایت جاری کی ہے کہ عوامی مسائل کے حل کے لیے عملی اقدامات کیے جائیں اور شہریوں کو ریلیف فراہم کیا جائے۔ اس موقع پر مختلف شعبوں سے تعلق رکھنے والے افراد نے شرکت کی اور اپنے خیالات کا اظہار کیا۔
27
بقیہ جات
بقیہ
سے ماہرین صحت نے بتایا کہ پاکستان میں ایچ آئی وی سے متاثرہ افراد کی تعداد میں اضافہ ہو رہا ہے اور اس حوالے سے فوری اقدامات کی ضرورت ہے۔ حکومت نے متعلقہ اداروں کو ہدایت جاری کی ہے کہ عوامی مسائل کے حل کے لیے عملی اقدامات کیے جائیں اور شہریوں کو ریلیف فراہم کیا جائے۔ اس موقع پر مختلف شعبوں سے تعلق رکھنے والے افراد نے شرکت کی اور اپنے خیالات کا اظہار کیا۔
سے ماہرین صحت نے بتایا کہ پاکستان میں ایچ آئی وی سے متاثرہ افراد کی تعداد میں اضافہ ہو رہا ہے اور اس حوالے سے فوری اقدامات کی ضرورت ہے۔ حکومت نے متعلقہ اداروں کو ہدایت جاری کی ہے کہ عوامی مسائل کے حل کے لیے عملی اقدامات کیے جائیں اور شہریوں کو ریلیف فراہم کیا جائے۔ اس موقع پر مختلف شعبوں سے تعلق رکھنے والے افراد نے شرکت کی اور اپنے خیالات کا اظہار کیا۔
سے ماہرین صحت نے بتایا کہ پاکستان میں ایچ آئی وی سے متاثرہ افراد کی تعداد میں اضافہ ہو رہا ہے اور اس حوالے سے فوری اقدامات کی ضرورت ہے۔ حکومت نے متعلقہ اداروں کو ہدایت جاری کی ہے کہ عوامی مسائل کے حل کے لیے عملی اقدامات کیے جائیں اور شہریوں کو ریلیف فراہم کیا جائے۔ اس موقع پر مختلف شعبوں سے تعلق رکھنے والے افراد نے شرکت کی اور اپنے خیالات کا اظہار کیا۔
سے ماہرین صحت نے بتایا کہ پاکستان میں ایچ آئی وی سے متاثرہ افراد کی تعداد میں اضافہ ہو رہا ہے اور اس حوالے سے فوری اقدامات کی ضرورت ہے۔ حکومت نے متعلقہ اداروں کو ہدایت جاری کی ہے کہ عوامی مسائل کے حل کے لیے عملی اقدامات کیے جائیں اور شہریوں کو ریلیف فراہم کیا جائے۔ اس موقع پر مختلف شعبوں سے تعلق رکھنے والے افراد نے شرکت کی اور اپنے خیالات کا اظہار کیا۔
سے ماہرین صحت نے بتایا کہ پاکستان میں ایچ آئی وی سے متاثرہ افراد کی تعداد میں اضافہ ہو رہا ہے اور اس حوالے سے فوری اقدامات کی ضرورت ہے۔ حکومت نے متعلقہ اداروں کو ہدایت جاری کی ہے کہ عوامی مسائل کے حل کے لیے عملی اقدامات کیے جائیں اور شہریوں کو ریلیف فراہم کیا جائے۔ اس موقع پر مختلف شعبوں سے تعلق رکھنے والے افراد نے شرکت کی اور اپنے خیالات کا اظہار کیا۔
سے ماہرین صحت نے بتایا کہ پاکستان میں ایچ آئی وی سے متاثرہ افراد کی تعداد میں اضافہ ہو رہا ہے اور اس حوالے سے فوری اقدامات کی ضرورت ہے۔ حکومت نے متعلقہ اداروں کو ہدایت جاری کی ہے کہ عوامی مسائل کے حل کے لیے عملی اقدامات کیے جائیں اور شہریوں کو ریلیف فراہم کیا جائے۔ اس موقع پر مختلف شعبوں سے تعلق رکھنے والے افراد نے شرکت کی اور اپنے خیالات کا اظہار کیا۔
ہے جماعت اور ووٹرز کی ترجمانی کرتی ہے اور عوام کو ریلیف دینا ہماری اولین ترجیح ہے۔
28
بقیہ جات
بقیہ
سے ماہرین صحت نے بتایا کہ پاکستان میں ایچ آئی وی سے متاثرہ افراد کی تعداد میں اضافہ ہو رہا ہے اور اس حوالے سے فوری اقدامات کی ضرورت ہے۔ حکومت نے متعلقہ اداروں کو ہدایت جاری کی ہے کہ عوامی مسائل کے حل کے لیے عملی اقدامات کیے جائیں اور شہریوں کو ریلیف فراہم کیا جائے۔ اس موقع پر مختلف شعبوں سے تعلق رکھنے والے افراد نے شرکت کی اور اپنے خیالات کا اظہار کیا۔
سے ماہرین صحت نے بتایا کہ پاکستان میں ایچ آئی وی سے متاثرہ افراد کی تعداد میں اضافہ ہو رہا ہے اور اس حوالے سے فوری اقدامات کی ضرورت ہے۔ حکومت نے متعلقہ اداروں کو ہدایت جاری کی ہے کہ عوامی مسائل کے حل کے لیے عملی اقدامات کیے جائیں اور شہریوں کو ریلیف فراہم کیا جائے۔ اس موقع پر مختلف شعبوں سے تعلق رکھنے والے افراد نے شرکت کی اور اپنے خیالات کا اظہار کیا۔
29
بقیہ جات
بقیہ
سے ماہرین صحت نے بتایا کہ پاکستان میں ایچ آئی وی سے متاثرہ افراد کی تعداد میں اضافہ ہو رہا ہے اور اس حوالے سے فوری اقدامات کی ضرورت ہے۔ حکومت نے متعلقہ اداروں کو ہدایت جاری کی ہے کہ عوامی مسائل کے حل کے لیے عملی اقدامات کیے جائیں اور شہریوں کو ریلیف فراہم کیا جائے۔ اس موقع پر مختلف شعبوں سے تعلق رکھنے والے افراد نے شرکت کی اور اپنے خیالات کا اظہار کیا۔
سے ماہرین صحت نے بتایا کہ پاکستان میں ایچ آئی وی سے متاثرہ افراد کی تعداد میں اضافہ ہو رہا ہے اور اس حوالے سے فوری اقدامات کی ضرورت ہے۔ حکومت نے متعلقہ اداروں کو ہدایت جاری کی ہے کہ عوامی مسائل کے حل کے لیے عملی اقدامات کیے جائیں اور شہریوں کو ریلیف فراہم کیا جائے۔ اس موقع پر مختلف شعبوں سے تعلق رکھنے والے افراد نے شرکت کی اور اپنے خیالات کا اظہار کیا۔
30
بقیہ جات
بقیہ
سے ماہرین صحت نے بتایا کہ پاکستان میں ایچ آئی وی سے متاثرہ افراد کی تعداد میں اضافہ ہو رہا ہے اور اس حوالے سے فوری اقدامات کی ضرورت ہے۔ حکومت نے متعلقہ اداروں کو ہدایت جاری کی ہے کہ عوامی مسائل کے حل کے لیے عملی اقدامات کیے جائیں اور شہریوں کو ریلیف فراہم کیا جائے۔ اس موقع پر مختلف شعبوں سے تعلق رکھنے والے افراد نے شرکت کی اور اپنے خیالات کا اظہار کیا۔
سے ماہرین صحت نے بتایا کہ پاکستان میں ایچ آئی وی سے متاثرہ افراد کی تعداد میں اضافہ ہو رہا ہے اور اس حوالے سے فوری اقدامات کی ضرورت ہے۔ حکومت نے متعلقہ اداروں کو ہدایت جاری کی ہے کہ عوامی مسائل کے حل کے لیے عملی اقدامات کیے جائیں اور شہریوں کو ریلیف فراہم کیا جائے۔ اس موقع پر مختلف شعبوں سے تعلق رکھنے والے افراد نے شرکت کی اور اپنے خیالات کا اظہار کیا۔
31
بقیہ جات
بقیہ
سے ماہرین صحت نے بتایا کہ پاکستان میں ایچ آئی وی سے متاثرہ افراد کی تعداد میں اضافہ ہو رہا ہے اور اس حوالے سے فوری اقدامات کی ضرورت ہے۔ حکومت نے متعلقہ اداروں کو ہدایت جاری کی ہے کہ عوامی مسائل کے حل کے لیے عملی اقدامات کیے جائیں اور شہریوں کو ریلیف فراہم کیا جائے۔ اس موقع پر مختلف شعبوں سے تعلق رکھنے والے افراد نے شرکت کی اور اپنے خیالات کا اظہار کیا۔
سے ماہرین صحت نے بتایا کہ پاکستان میں ایچ آئی وی سے متاثرہ افراد کی تعداد میں اضافہ ہو رہا ہے اور اس حوالے سے فوری اقدامات کی ضرورت ہے۔ حکومت نے متعلقہ اداروں کو ہدایت جاری کی ہے کہ عوامی مسائل کے حل کے لیے عملی اقدامات کیے جائیں اور شہریوں کو ریلیف فراہم کیا جائے۔ اس موقع پر مختلف شعبوں سے تعلق رکھنے والے افراد نے شرکت کی اور اپنے خیالات کا اظہار کیا۔
32
بقیہ جات
بقیہ
سے ماہرین صحت نے بتایا کہ پاکستان میں ایچ آئی وی سے متاثرہ افراد کی تعداد میں اضافہ ہو رہا ہے اور اس حوالے سے فوری اقدامات کی ضرورت ہے۔ حکومت نے متعلقہ اداروں کو ہدایت جاری کی ہے کہ عوامی مسائل کے حل کے لیے عملی اقدامات کیے جائیں اور شہریوں کو ریلیف فراہم کیا جائے۔ اس موقع پر مختلف شعبوں سے تعلق رکھنے والے افراد نے شرکت کی اور اپنے خیالات کا اظہار کیا۔
سے ماہرین صحت نے بتایا کہ پاکستان میں ایچ آئی وی سے متاثرہ افراد کی تعداد میں اضافہ ہو رہا ہے اور اس حوالے سے فوری اقدامات کی ضرورت ہے۔ حکومت نے متعلقہ اداروں کو ہدایت جاری کی ہے کہ عوامی مسائل کے حل کے لیے عملی اقدامات کیے جائیں اور شہریوں کو ریلیف فراہم کیا جائے۔ اس موقع پر مختلف شعبوں سے تعلق رکھنے والے افراد نے شرکت کی اور اپنے خیالات کا اظہار کیا۔
33
بقیہ جات
بقیہ
سے ماہرین صحت نے بتایا کہ پاکستان میں ایچ آئی وی سے متاثرہ افراد کی تعداد میں اضافہ ہو رہا ہے اور اس حوالے سے فوری اقدامات کی ضرورت ہے۔ حکومت نے متعلقہ اداروں کو ہدایت جاری کی ہے کہ عوامی مسائل کے حل کے لیے عملی اقدامات کیے جائیں اور شہریوں کو ریلیف فراہم کیا جائے۔ اس موقع پر مختلف شعبوں سے تعلق رکھنے والے افراد نے شرکت کی اور اپنے خیالات کا اظہار کیا۔
سے ماہرین صحت نے بتایا کہ پاکستان میں ایچ آئی وی سے متاثرہ افراد کی تعداد میں اضافہ ہو رہا ہے اور اس حوالے سے فوری اقدامات کی ضرورت ہے۔ حکومت نے متعلقہ اداروں کو ہدایت جاری کی ہے کہ عوامی مسائل کے حل کے لیے عملی اقدامات کیے جائیں اور شہریوں کو ریلیف فراہم کیا جائے۔ اس موقع پر مختلف شعبوں سے تعلق رکھنے والے افراد نے شرکت کی اور اپنے خیالات کا اظہار کیا۔
34
بقیہ جات
بقیہ
نے کہا کہ حج کی ادائیگی زندگی میں بار بار نہیں ملتی، اس لیے اس موقع سے بھرپور فائدہ اٹھانا چاہیے۔ عازمین اپنے خاندان، عزیز و اقارب کے ساتھ ساتھ ملک و قوم کی سلامتی، ترقی اور استحکام کے لیے خصوصی دعاؤں کا اہتمام کریں۔ حرمین شریفین میں کی جانے والی دعائیں اللہ تعالیٰ کے ہاں خاص اہمیت رکھتی ہیں اور قبولیت کے زیادہ قریب ہوتی ہیں۔ حج محض چند ارکان کی ادائیگی کا نام نہیں بلکہ یہ صبر، قربانی، اخلاص اور اعلیٰ اخلاق کے عملی مظاہرہ ہے، اس لیے ہر حاجی کو چاہیے کہ وہ اس مقدس
سے ماہرین صحت نے بتایا کہ پاکستان میں ایچ آئی وی سے متاثرہ افراد کی تعداد میں اضافہ ہو رہا ہے اور اس حوالے سے فوری اقدامات کی ضرورت ہے۔ حکومت نے متعلقہ اداروں کو ہدایت جاری کی ہے کہ عوامی مسائل کے حل کے لیے عملی اقدامات کیے جائیں اور شہریوں کو ریلیف فراہم کیا جائے۔ اس موقع پر مختلف شعبوں سے تعلق رکھنے والے افراد نے شرکت کی اور اپنے خیالات کا اظہار کیا۔
سے ماہرین صحت نے بتایا کہ پاکستان میں ایچ آئی وی سے متاثرہ افراد کی تعداد میں اضافہ ہو رہا ہے اور اس حوالے سے فوری اقدامات کی ضرورت ہے۔ حکومت نے متعلقہ اداروں کو ہدایت جاری کی ہے کہ عوامی مسائل کے حل کے لیے عملی اقدامات کیے جائیں اور شہریوں کو ریلیف فراہم کیا جائے۔ اس موقع پر مختلف شعبوں سے تعلق رکھنے والے افراد نے شرکت کی اور اپنے خیالات کا اظہار کیا۔
سے ماہرین صحت نے بتایا کہ پاکستان میں ایچ آئی وی سے متاثرہ افراد کی تعداد میں اضافہ ہو رہا ہے اور اس حوالے سے فوری اقدامات کی ضرورت ہے۔ حکومت نے متعلقہ اداروں کو ہدایت جاری کی ہے کہ عوامی مسائل کے حل کے لیے عملی اقدامات کیے جائیں اور شہریوں کو ریلیف فراہم کیا جائے۔ اس موقع پر مختلف شعبوں سے تعلق رکھنے والے افراد نے شرکت کی اور اپنے خیالات کا اظہار کیا۔
سے ماہرین صحت نے بتایا کہ پاکستان میں ایچ آئی وی سے متاثرہ افراد کی تعداد میں اضافہ ہو رہا ہے اور اس حوالے سے فوری اقدامات کی ضرورت ہے۔ حکومت نے متعلقہ اداروں کو ہدایت جاری کی ہے کہ عوامی مسائل کے حل کے لیے عملی اقدامات کیے جائیں اور شہریوں کو ریلیف فراہم کیا جائے۔ اس موقع پر مختلف شعبوں سے تعلق رکھنے والے افراد نے شرکت کی اور اپنے خیالات کا اظہار کیا۔
سفر کے دوران اپنے کردار کو مثالی بنائے اور واپس آکر بھی ان تعلیمات کو اپنی زندگی کا حصہ
35
بقیہ جات
بقیہ
فکل کر عام آبادی میں پھیلنے لگا، اس حوالے سے ماہرین صحت نے بتایا کہ پاکستان میں ایچ آئی وی سے متاثرہ افراد کی تعداد 3 لاکھ 70 ہزار ہو گئی، پاکستان کے 79 فیصد افراد ایچ آئی وی سے لاعلم ہیں۔ ماہرین صحت نے کہا کہ بلڈ بینک کی نگرانی، ڈونرز کی مکمل اسکریننگ یقینی بنائی جائے، غیر محفوظ انجیکشن کے خاتمے اور انفیکشن کنٹرول کو موثر بنانے کی ضرورت ہے۔ ماہرین صحت کے مطابق فوری اقدامات نہ کیے گئے تو صورتحال سنگین ہو سکتی
36
بقیہ جات
بقیہ
سے ماہرین صحت نے بتایا کہ پاکستان میں ایچ آئی وی سے متاثرہ افراد کی تعداد میں اضافہ ہو رہا ہے اور اس حوالے سے فوری اقدامات کی ضرورت ہے۔ حکومت نے متعلقہ اداروں کو ہدایت جاری کی ہے کہ عوامی مسائل کے حل کے لیے عملی اقدامات کیے جائیں اور شہریوں کو ریلیف فراہم کیا جائے۔ اس موقع پر مختلف شعبوں سے تعلق رکھنے والے افراد نے شرکت کی اور اپنے خیالات کا اظہار کیا۔
سے ماہرین صحت نے بتایا کہ پاکستان میں ایچ آئی وی سے متاثرہ افراد کی تعداد میں اضافہ ہو رہا ہے اور اس حوالے سے فوری اقدامات کی ضرورت ہے۔ حکومت نے متعلقہ اداروں کو ہدایت جاری کی ہے کہ عوامی مسائل کے حل کے لیے عملی اقدامات کیے جائیں اور شہریوں کو ریلیف فراہم کیا جائے۔ اس موقع پر مختلف شعبوں سے تعلق رکھنے والے افراد نے شرکت کی اور اپنے خیالات کا اظہار کیا۔
37
بقیہ جات
بقیہ
سے ماہرین صحت نے بتایا کہ پاکستان میں ایچ آئی وی سے متاثرہ افراد کی تعداد میں اضافہ ہو رہا ہے اور اس حوالے سے فوری اقدامات کی ضرورت ہے۔ حکومت نے متعلقہ اداروں کو ہدایت جاری کی ہے کہ عوامی مسائل کے حل کے لیے عملی اقدامات کیے جائیں اور شہریوں کو ریلیف فراہم کیا جائے۔ اس موقع پر مختلف شعبوں سے تعلق رکھنے والے افراد نے شرکت کی اور اپنے خیالات کا اظہار کیا۔
38
بقیہ جات
بقیہ
39
بقیہ جات
بقیہ
ایران کے درمیان حالیہ جنگ کے آغاز سے ہی پاکستان جنگ بندی کی کوششوں میں مصروف رہا اور اس کیلئے پاکستان کی سیاسی و عسکری قیادت نے امریکی اور ایرانی حکام سے مسلسل رابطے رکھے۔ امریکی صدر ڈونلڈ ٹرمپ اور ایران کے صدر مسعود پزشکیان سمیت دنیا بھر کے ممالک نے خطے میں امن اور جنگ بندی کے لیے پاکستان کی کوششوں کو سراہا اور ڈونلڈ ٹرمپ تو حالیہ دنوں میں کئی بار وزیراعظم شہباز شریف اور فیلڈ مارشل عاصم منیر کو بہترین شخصیات قرار دے چکے ہیں
بعدالت جناب نادیہ الزہرا صاحبہ سینئر
سول جج (فیملی ڈویژن) چکوال
ریاض بیگم بیوہ بنام عوام الناس۔ درخواست گارڈین زیر دفعہ 07 گارڈین اینڈ وارڈ ایکٹ۔ ہرگاہ درخواست عنوان بالا میں ریاض بیگم بیوہ محمد زمان ساکن کوٹ تحصیل کلر کہار ضلع چکوال نے درخواست بابت ذات، جائیداد و رقم لواحقات تعلیم و تربیت، رقم مبلغ 1975,001.76 بینک الحبیب کمپنی لمیٹڈ بھون اکاؤنٹ نمبر 0380-1826001962-01-1 کی بابت گزاری ہے۔ لہٰذا عوام الناس کو بذریعہ اشتہار اخبار مطلع کیا جاتا ہے کہ کسی کو کوئی بھی اعتراض ہو تو اصالتاً یا وکالتاً مورخہ 28-04-26 کو صبح 08 بجے حاضر عدالت آویں۔ بصورت دیگر حسب ضابطہ کارروائی عمل میں لائی جائے گی۔
بعدالت جناب میڈم مریم شہریار صاحبہ
سول جج فرسٹ کلاس اسلام آباد ویسٹ
نوعیت: دعویٰ استقرار الحق معہ حکم امتناعی عنوان مقدمہ: محمد سلیم بنام محمد حنیف ولد غلام فرید ساکن مکان نمبر B-4/696 حیدری سٹریٹ مسلم ٹاؤن راولپنڈی ہرگاہ مقدمہ ہذا میں مدعا علیہ کی تعمیل سمن سے کروائی جانی مشکل ہے لہٰذا بذریعہ اشتہار اخبار بتقرر 13-05-2026 مطلع کیا جاتا ہے کہ مقررہ تاریخ پر عدالت میں پیش ہو کر جواب داخل کریں بصورت دیگر آپ کے خلاف کارروائی یکطرفہ عمل میں لائی جائے گی اور بعد ازاں کوئی بھی عذر قابل قبول نہ ہوگا
مسلمان
بعدالت جناب نصیر رشید
صاحب سول جج ٹیکسلا
بعنوان مریم منظور بنام بادرہ دعویٰ استقرار الحق وغیرہ اشتہار بنام مکمل ایج میں ایڈ رجسٹریشن اتھارٹی بذریعہ اسپارچ آفس واہ کینٹ تحصیل ٹیکسلا ضلع راولپنڈی ہرگاہ مقدمہ عنوان بالا میں مدعا علیہ کی تعمیل بذریعہ سمن ہونا مشکل ہے اس لیے آپ کو بذریعہ اشتہار اخبار مطلع کیا جاتا ہے کہ مورخہ 20/04/26 کو صبح 8 بجے اصالتاً یا وکالتاً عدالت حضور میں پیش ہوں ورنہ کارروائی یکطرفہ عمل میں لائی جائے گی
تلاش گمشدہ
میری گاڑی سوزوکی مہران سفید کلر BHC-540
انجن نمبر B395798
چیچز نمبر 934330
کی دوران سفر G-13 میں رجسٹریشن بک گم ہو گئی ہے جس کسی کو ملے برائے مہربانی اس نمبر پر اطلاع دیں
03125014508
بعدالت جناب نصیر رشید
صاحب سول جج ٹیکسلا
دعویٰ: تنسیخ نکاح۔ عنوان: مسمات کومل بنام علی رضا۔ علی رضا ولد طارق محمود سکنہ عباس ٹاؤن مکان نمبر A-185 کراچی (ایسٹ) ہرگاہ مقدمہ عنوان بالا میں ریسپانڈنٹ کی تعمیل سمن سے ہونی مشکل ہے لہٰذا آپ کو مطلع کیا جاتا ہے کہ آپ اصالتاً یا وکالتاً بذریعہ وکیل مورخہ 20 اپریل 2026 کو بوقت 8 بجے عدالت آویں ورنہ کارروائی حسب ضابطہ یکطرفہ عمل میں لائی جائے گی
بعدالت جناب محمد انیس
صاحب سول جج راولپنڈی
دعویٰ استقرار حق، ہرگاہ عوام الناس کو بذریعہ اشتہار اخبار مطلع کیا جاتا ہے اگر کسی کو اعتراض ہو تو 25 اپریل 2026 کو صبح 08 بجے عدالت میں پیش ہو ورنہ کارروائی یکطرفہ عمل میں لائی جائے گی۔
بعدالت جناب ضیاالرحمٰن
صاحب سول جج ٹیکسلا
دعویٰ: استقرار حق۔ 1- ابرار حفیظ 2- عامر حفیظ 3- یاسر حفیظ 4- ناصر حفیظ (پسران) 5- محترمہ کشور الرحمان بیوہ 6- محترمہ عمیرہ حفیظ 7- محترمہ صائمہ سلیم 8- محترمہ عظمیٰ شاہد دختران چوہدری محمد حفیظ الرحمٰن سکنہ R/o B-476 گلی نمبر 12۔ لالہ رخ کالونی، واہ کینٹ، تحصیل ٹیکسلا، ضلع راولپنڈی۔ بنام عوام الناس۔ اگر کسی کو کوئی اعتراض ہو تو 20 اپریل 2026 صبح 8 بجے عدالت آویں ورنہ یکطرفہ کارروائی عمل میں لائی جائے گی
بعدالت جناب ضیاالرحمٰن
صاحب سول جج ٹیکسلا
دعویٰ: جانشینی۔ صوبیہ لطیف بیوہ اظہر حسین سکنہ کوارٹر نمبر POF 18,H,/1727 واہ کینٹ تحصیل ٹیکسلا ضلع راولپنڈی بنام عوام الناس ہرگاہ مقدمہ عوام الناس کو مطلع کیا جاتا ہے کہ اگر کسی کو اعتراض ہو تو 20 اپریل 2026 صبح 8 بجے عدالت آویں ورنہ یکطرفہ کارروائی عمل میں لائی جائے گی
بعدالت جناب عبدالماجد شہاب
صاحب سول جج فیملی کورٹ راولپنڈی
دعویٰ تنسیخ نکاح بر بنائے خلع عنوان مقدمہ مسماۃ ایمان فاطمہ بنام محمد عمران ولد قریش محمد ساکن ڈاکخانہ خاص چک تحصیل وزیر آباد ضلع گوجرانوالہ ہرگاہ مقدمہ عنوان بالا میں مدعا علیہ کی تعمیل سمن سے ہونی مشکل ہے لہٰذا بذریعہ اخبار اشتہار مطلع کیا جاتا ہے کہ آپ اصالتاً یا وکالتاً مورخہ 23 اپریل 2026 بوقت 8 بجے صبح حاضر عدالت آویں ورنہ یکطرفہ کارروائی عمل میں لائی جائے گی
بعدالت جناب نادیہ یعقوب
صاحبہ سول جج راولپنڈی
دعویٰ استقرار حق، عطیہ نفیس بیوہ نفیس احمد ساکن مکان نمبر 450 گلی نمبر 5 محلہ ڈی اے وی کالج روڈ راولپنڈی بنام عوام الناس ہرگاہ عوام الناس کو بذریعہ اخبار اشتہار مطلع کیا جاتا ہے اگر کسی کو اعتراض ہو تو 21 اپریل 2026 کو صبح 08 بجے عدالت میں پیش ہو ورنہ کارروائی یکطرفہ عمل میں لائی جائے گی۔
بعدالت جناب ذوالقرنین
صاحب سول جج راولپنڈی
دعویٰ استقرار حق منجانب ڈاکخانہ Dodian تحصیل و ضلع راولپنڈی بنام عوام الناس ہرگاہ عوام الناس کو بذریعہ اخبار اشتہار مطلع کیا جاتا ہے اگر کسی کو اعتراض ہو تو 20 اپریل 2026 کو صبح 08 بجے عدالت میں پیش ہو ورنہ کارروائی یکطرفہ عمل میں لائی جائے گی
بعدالت جناب طلال ارشد
صاحب سول جج راولپنڈی
درخواست برائے اجازت فروخت جائیداد، قوم سلیمانی خیل سکنہ وارڈ نمبر 06 تحصیل کروڑ حال مقیم ساکن محلہ نانک پورہ کشمیری بازار راولپنڈی بنام عوام الناس ہرگاہ عوام الناس کو بذریعہ اخبار اشتہار مطلع کیا جاتا ہے اگر کسی کو اعتراض ہو تو 21 اپریل 2026 کو صبح 08 بجے عدالت میں پیش ہو ورنہ کارروائی یکطرفہ عمل میں لائی جائے گی
بعدالت جناب محمد حفیظ اللہ
صاحب سول جج میانوالی
دعویٰ تنسیخ نکاح وغیرہ بعنوان نرگس غفار دختر عبدالغفار بنام امیر عبداللہ ولد سید رسول ساکن محلہ عطاء محمد خان کالے خیل پپلاں حال مقیم بطور گارڈ ATS پلازہ نمبر 1 رائیونڈ لاہور۔ ہرگاہ مدعا علیہان مورخہ 23-04-2026 کو بوقت 8 بجے صبح عدالت حاضر ہوں ورنہ حسب ضابطہ کارروائی عمل میں لائی جائے گی۔
بعدالت جناب محمد آصف
جھمٹ صاحب سول جج میانوالی
دعویٰ حقوق زن آشوئی عنوان وسیم اکرم خان بنام آمنہ بی بی ماشاء اشتہار بنام آمنہ بی بی دختر انور خان سکنہ کوٹ ضابطہ خان تحصیل و ضلع میانوالی۔ ہرگاہ مدعا علیہ مورخہ 22-04-2026 کو بوقت 8 بجے صبح عدالت حاضر ہوں ورنہ حسب ضابطہ کارروائی عمل میں لائی جائے گی۔
بعدالت جناب نادیہ الزہرا
صاحبہ سینئر سول جج فیملی ڈویژن چکوال
دعویٰ دلاپانے خرچہ نان ونفقہ۔ محراب فاروق وغیرہ بنام حیدر علی ولد راشد علی ساکن مکان نمبر MCB-17/91 نزد مائی معظمہ دربار محلہ بھٹیاں چکوال شہر۔ ہرگاہ آپ اصالتاً یا وکالتاً بتاریخ 23-04-26 کو حاضر عدالت آویں۔ بصورت دیگر یکطرفہ کارروائی عمل میں لائی جاوے گی۔
بعدالت جناب نادیہ الزہرا
صاحبہ سینئر سول جج فیملی ڈویژن چکوال
درخواست گارڈین۔ تحریر سلطانہ بنام محمد عظیم وغیرہ۔ محمد عظیم پسر محمد خان، محمد خان ولد کریم ساکن نیر تحصیل و ضلع چکوال۔ ہرگاہ آپ اصالتاً یا وکالتاً بتاریخ 07-05-26 کو حاضر عدالت آویں۔ بصورت دیگر یکطرفہ کارروائی عمل میں لائی جاوے گی۔
